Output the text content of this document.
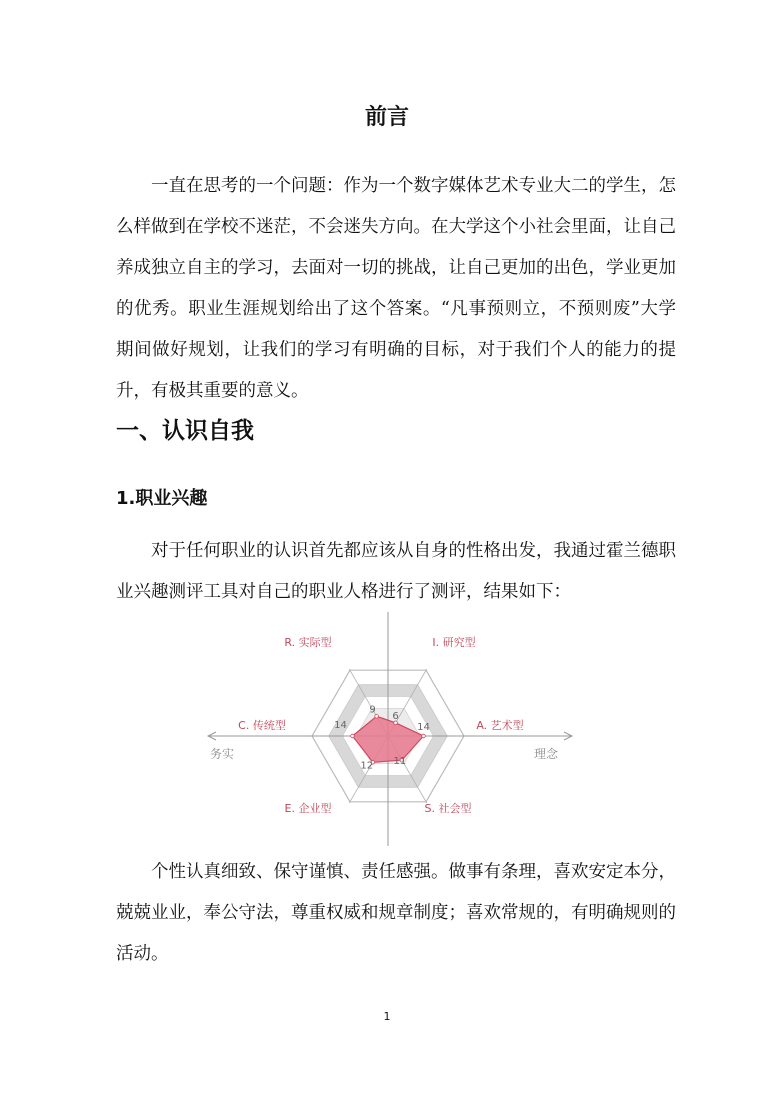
前言

一直在思考的一个问题：作为一个数字媒体艺术专业大二的学生，怎么样做到在学校不迷茫，不会迷失方向。在大学这个小社会里面，让自己养成独立自主的学习，去面对一切的挑战，让自己更加的出色，学业更加的优秀。职业生涯规划给出了这个答案。“凡事预则立，不预则废”大学期间做好规划，让我们的学习有明确的目标，对于我们个人的能力的提升，有极其重要的意义。

一、认识自我
1.职业兴趣

对于任何职业的认识首先都应该从自身的性格出发，我通过霍兰德职业兴趣测评工具对自己的职业人格进行了测评，结果如下：

9
6
14
11
12
14
R. 实际型	I. 研究型
A. 艺术型
S. 社会型
E. 企业型
C. 传统型
务实	理念

个性认真细致、保守谨慎、责任感强。做事有条理，喜欢安定本分，兢兢业业，奉公守法，尊重权威和规章制度；喜欢常规的，有明确规则的活动。

1
